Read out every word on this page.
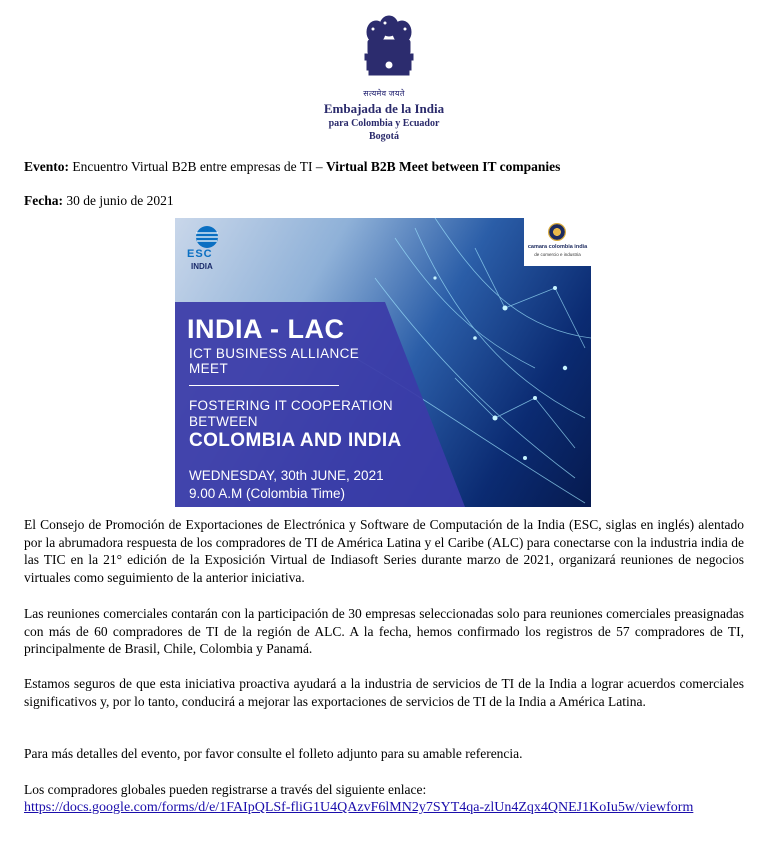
सत्यमेव जयते
Embajada de la India
para Colombia y Ecuador
Bogotá
Evento: Encuentro Virtual B2B entre empresas de TI – Virtual B2B Meet between IT companies
Fecha: 30 de junio de 2021
ESC
INDIA
camara colombia india
de comercio e industria
INDIA - LAC
ICT BUSINESS ALLIANCE
MEET
FOSTERING IT COOPERATION
BETWEEN
COLOMBIA AND INDIA
WEDNESDAY, 30th JUNE, 2021
9.00 A.M (Colombia Time)

El Consejo de Promoción de Exportaciones de Electrónica y Software de Computación de la India (ESC, siglas en inglés) alentado por la abrumadora respuesta de los compradores de TI de América Latina y el Caribe (ALC) para conectarse con la industria india de las TIC en la 21° edición de la Exposición Virtual de Indiasoft Series durante marzo de 2021, organizará reuniones de negocios virtuales como seguimiento de la anterior iniciativa.

Las reuniones comerciales contarán con la participación de 30 empresas seleccionadas solo para reuniones comerciales preasignadas con más de 60 compradores de TI de la región de ALC. A la fecha, hemos confirmado los registros de 57 compradores de TI, principalmente de Brasil, Chile, Colombia y Panamá.

Estamos seguros de que esta iniciativa proactiva ayudará a la industria de servicios de TI de la India a lograr acuerdos comerciales significativos y, por lo tanto, conducirá a mejorar las exportaciones de servicios de TI de la India a América Latina.

Para más detalles del evento, por favor consulte el folleto adjunto para su amable referencia.

Los compradores globales pueden registrarse a través del siguiente enlace:

https://docs.google.com/forms/d/e/1FAIpQLSf-fliG1U4QAzvF6lMN2y7SYT4qa-zlUn4Zqx4QNEJ1KoIu5w/viewform
